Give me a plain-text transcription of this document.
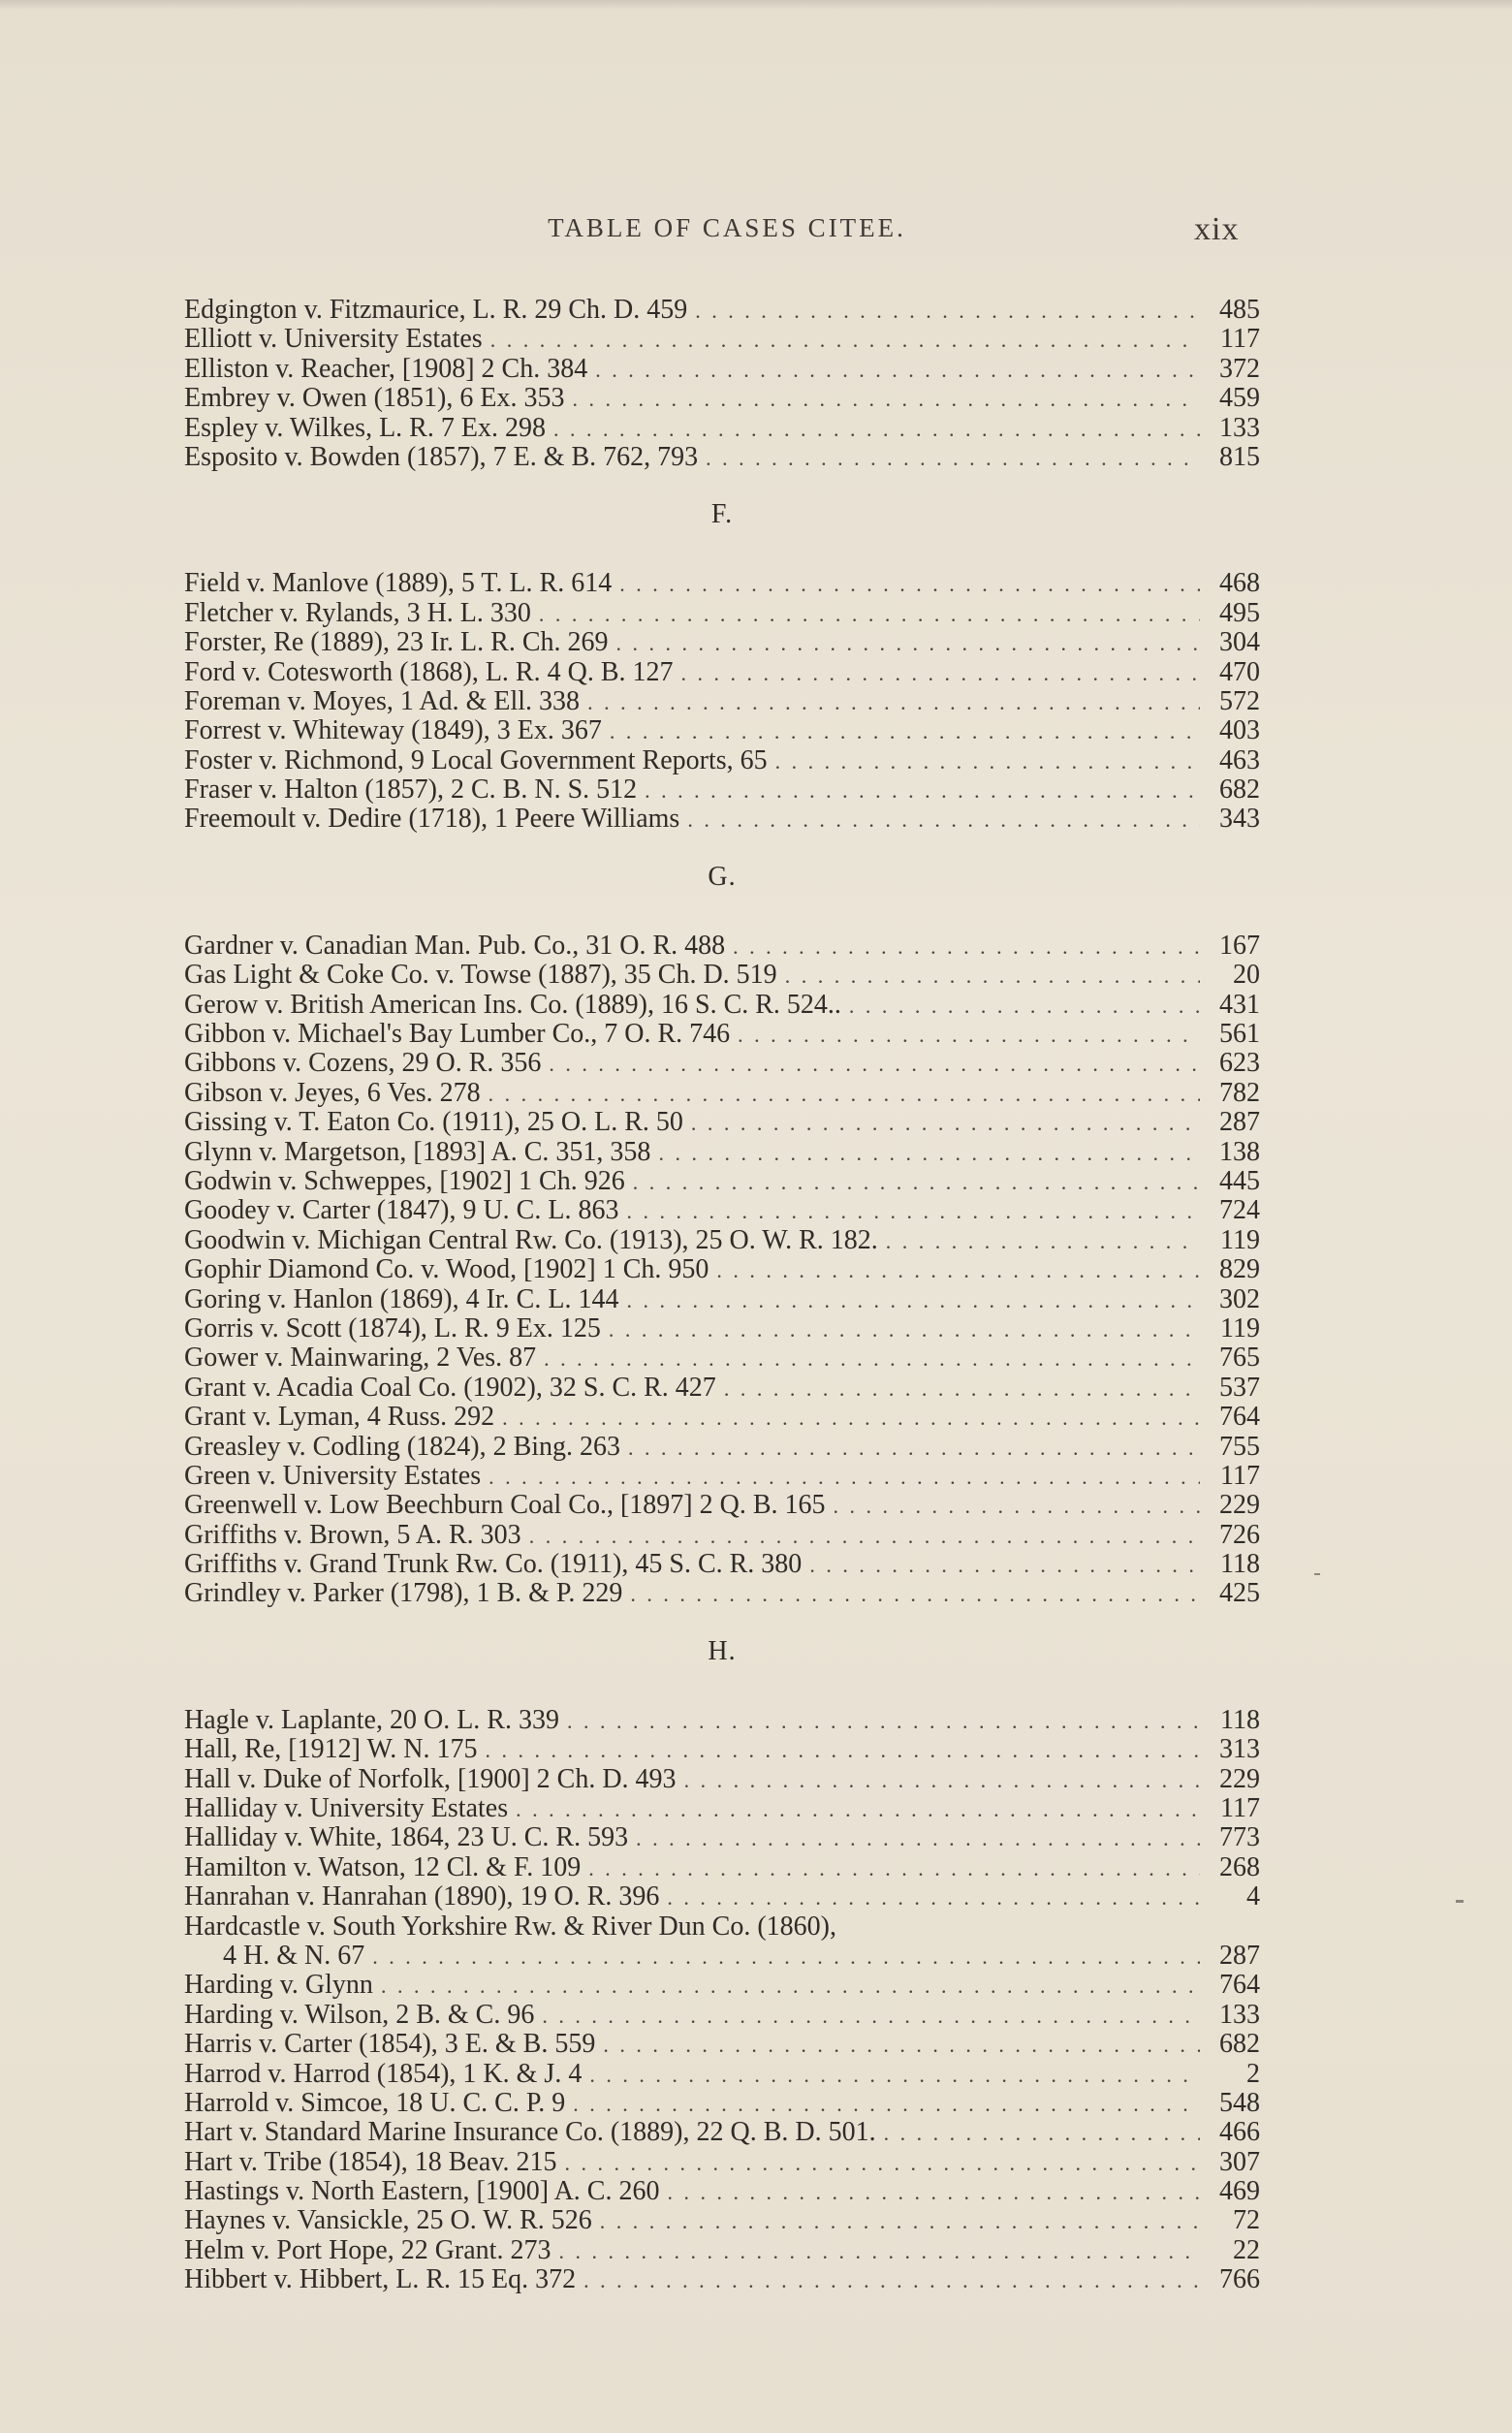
TABLE OF CASES CITEE.	xix
Edgington v. Fitzmaurice, L. R. 29 Ch. D. 459 . . .	485
Elliott v. University Estates . . .	117
Elliston v. Reacher, [1908] 2 Ch. 384 . . .	372
Embrey v. Owen (1851), 6 Ex. 353 . . .	459
Espley v. Wilkes, L. R. 7 Ex. 298 . . .	133
Esposito v. Bowden (1857), 7 E. & B. 762, 793 . . .	815
F.
Field v. Manlove (1889), 5 T. L. R. 614 . . .	468
Fletcher v. Rylands, 3 H. L. 330 . . .	495
Forster, Re (1889), 23 Ir. L. R. Ch. 269 . . .	304
Ford v. Cotesworth (1868), L. R. 4 Q. B. 127 . . .	470
Foreman v. Moyes, 1 Ad. & Ell. 338 . . .	572
Forrest v. Whiteway (1849), 3 Ex. 367 . . .	403
Foster v. Richmond, 9 Local Government Reports, 65 . . .	463
Fraser v. Halton (1857), 2 C. B. N. S. 512 . . .	682
Freemoult v. Dedire (1718), 1 Peere Williams . . .	343
G.
Gardner v. Canadian Man. Pub. Co., 31 O. R. 488 . . .	167
Gas Light & Coke Co. v. Towse (1887), 35 Ch. D. 519 . . .	20
Gerow v. British American Ins. Co. (1889), 16 S. C. R. 524.. . . .	431
Gibbon v. Michael's Bay Lumber Co., 7 O. R. 746 . . .	561
Gibbons v. Cozens, 29 O. R. 356 . . .	623
Gibson v. Jeyes, 6 Ves. 278 . . .	782
Gissing v. T. Eaton Co. (1911), 25 O. L. R. 50 . . .	287
Glynn v. Margetson, [1893] A. C. 351, 358 . . .	138
Godwin v. Schweppes, [1902] 1 Ch. 926 . . .	445
Goodey v. Carter (1847), 9 U. C. L. 863 . . .	724
Goodwin v. Michigan Central Rw. Co. (1913), 25 O. W. R. 182. . . .	119
Gophir Diamond Co. v. Wood, [1902] 1 Ch. 950 . . .	829
Goring v. Hanlon (1869), 4 Ir. C. L. 144 . . .	302
Gorris v. Scott (1874), L. R. 9 Ex. 125 . . .	119
Gower v. Mainwaring, 2 Ves. 87 . . .	765
Grant v. Acadia Coal Co. (1902), 32 S. C. R. 427 . . .	537
Grant v. Lyman, 4 Russ. 292 . . .	764
Greasley v. Codling (1824), 2 Bing. 263 . . .	755
Green v. University Estates . . .	117
Greenwell v. Low Beechburn Coal Co., [1897] 2 Q. B. 165 . . .	229
Griffiths v. Brown, 5 A. R. 303 . . .	726
Griffiths v. Grand Trunk Rw. Co. (1911), 45 S. C. R. 380 . . .	118
Grindley v. Parker (1798), 1 B. & P. 229 . . .	425
H.
Hagle v. Laplante, 20 O. L. R. 339 . . .	118
Hall, Re, [1912] W. N. 175 . . .	313
Hall v. Duke of Norfolk, [1900] 2 Ch. D. 493 . . .	229
Halliday v. University Estates . . .	117
Halliday v. White, 1864, 23 U. C. R. 593 . . .	773
Hamilton v. Watson, 12 Cl. & F. 109 . . .	268
Hanrahan v. Hanrahan (1890), 19 O. R. 396 . . .	4
Hardcastle v. South Yorkshire Rw. & River Dun Co. (1860),
4 H. & N. 67 . . .	287
Harding v. Glynn . . .	764
Harding v. Wilson, 2 B. & C. 96 . . .	133
Harris v. Carter (1854), 3 E. & B. 559 . . .	682
Harrod v. Harrod (1854), 1 K. & J. 4 . . .	2
Harrold v. Simcoe, 18 U. C. C. P. 9 . . .	548
Hart v. Standard Marine Insurance Co. (1889), 22 Q. B. D. 501. . . .	466
Hart v. Tribe (1854), 18 Beav. 215 . . .	307
Hastings v. North Eastern, [1900] A. C. 260 . . .	469
Haynes v. Vansickle, 25 O. W. R. 526 . . .	72
Helm v. Port Hope, 22 Grant. 273 . . .	22
Hibbert v. Hibbert, L. R. 15 Eq. 372 . . .	766
